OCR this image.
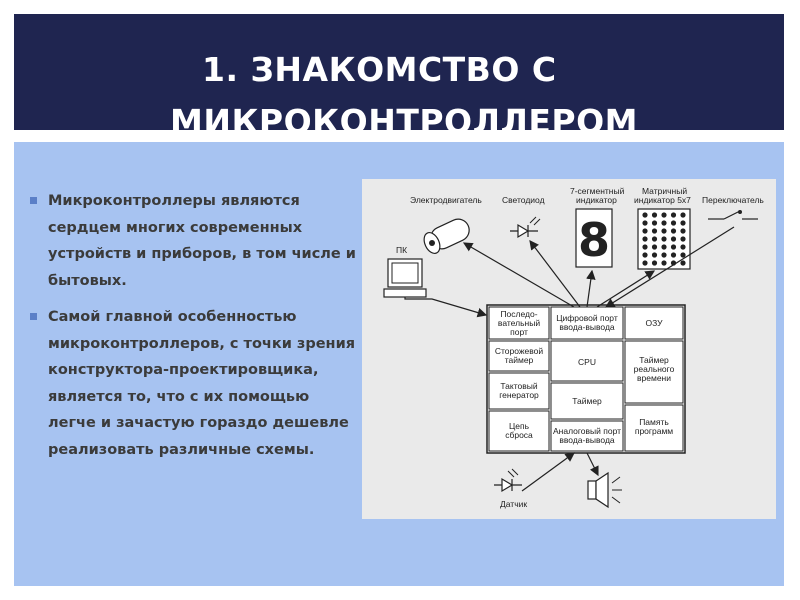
1. ЗНАКОМСТВО С
МИКРОКОНТРОЛЛЕРОМ
Микроконтроллеры являются сердцем многих современных устройств и приборов, в том числе и бытовых.
Самой главной особенностью микроконтроллеров, с точки зрения конструктора-проектировщика, является то, что с их помощью легче и зачастую гораздо дешевле реализовать различные схемы.
Электродвигатель Светодиод
7-сегментный
индикатор
Матричный
индикатор 5х7 Переключатель
ПК
Датчик
8
Последо-
вательный
порт
Цифровой порт
ввода-вывода	ОЗУ
Сторожевой
таймер	CPU	Таймер
реального
времени
Тактовый
генератор
Таймер
Цепь
сброса Аналоговый порт
ввода-вывода
Память
программ
